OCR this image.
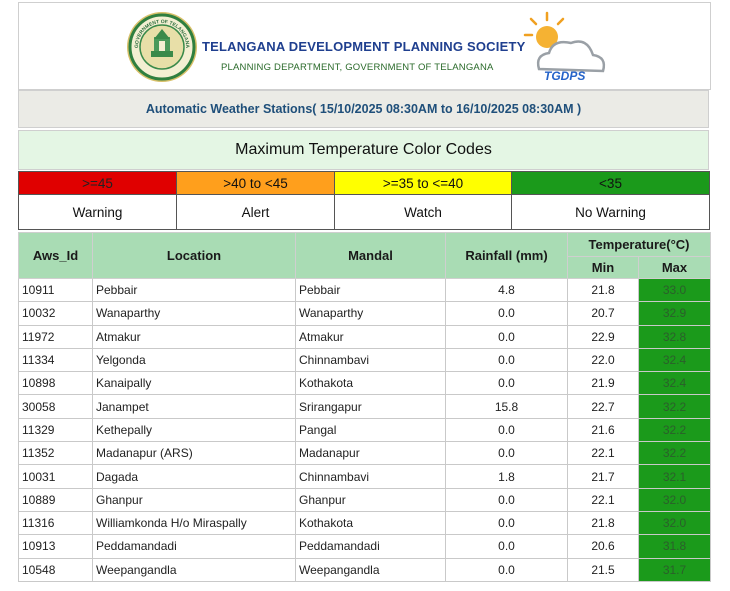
GOVERNMENT OF TELANGANA TELANGANA DEVELOPMENT PLANNING SOCIETY
PLANNING DEPARTMENT, GOVERNMENT OF TELANGANA
TGDPS
Automatic Weather Stations( 15/10/2025 08:30AM to 16/10/2025 08:30AM )
Maximum Temperature Color Codes
>=45	>40 to <45	>=35 to <=40	<35
Warning	Alert	Watch	No Warning
Aws_Id	Location	Mandal	Rainfall (mm)	Temperature(°C)	
				Min	Max
10911	Pebbair	Pebbair	4.8	21.8	33.0
10032	Wanaparthy	Wanaparthy	0.0	20.7	32.9
11972	Atmakur	Atmakur	0.0	22.9	32.8
11334	Yelgonda	Chinnambavi	0.0	22.0	32.4
10898	Kanaipally	Kothakota	0.0	21.9	32.4
30058	Janampet	Srirangapur	15.8	22.7	32.2
11329	Kethepally	Pangal	0.0	21.6	32.2
11352	Madanapur (ARS)	Madanapur	0.0	22.1	32.2
10031	Dagada	Chinnambavi	1.8	21.7	32.1
10889	Ghanpur	Ghanpur	0.0	22.1	32.0
11316	Williamkonda H/o Miraspally	Kothakota	0.0	21.8	32.0
10913	Peddamandadi	Peddamandadi	0.0	20.6	31.8
10548	Weepangandla	Weepangandla	0.0	21.5	31.7
